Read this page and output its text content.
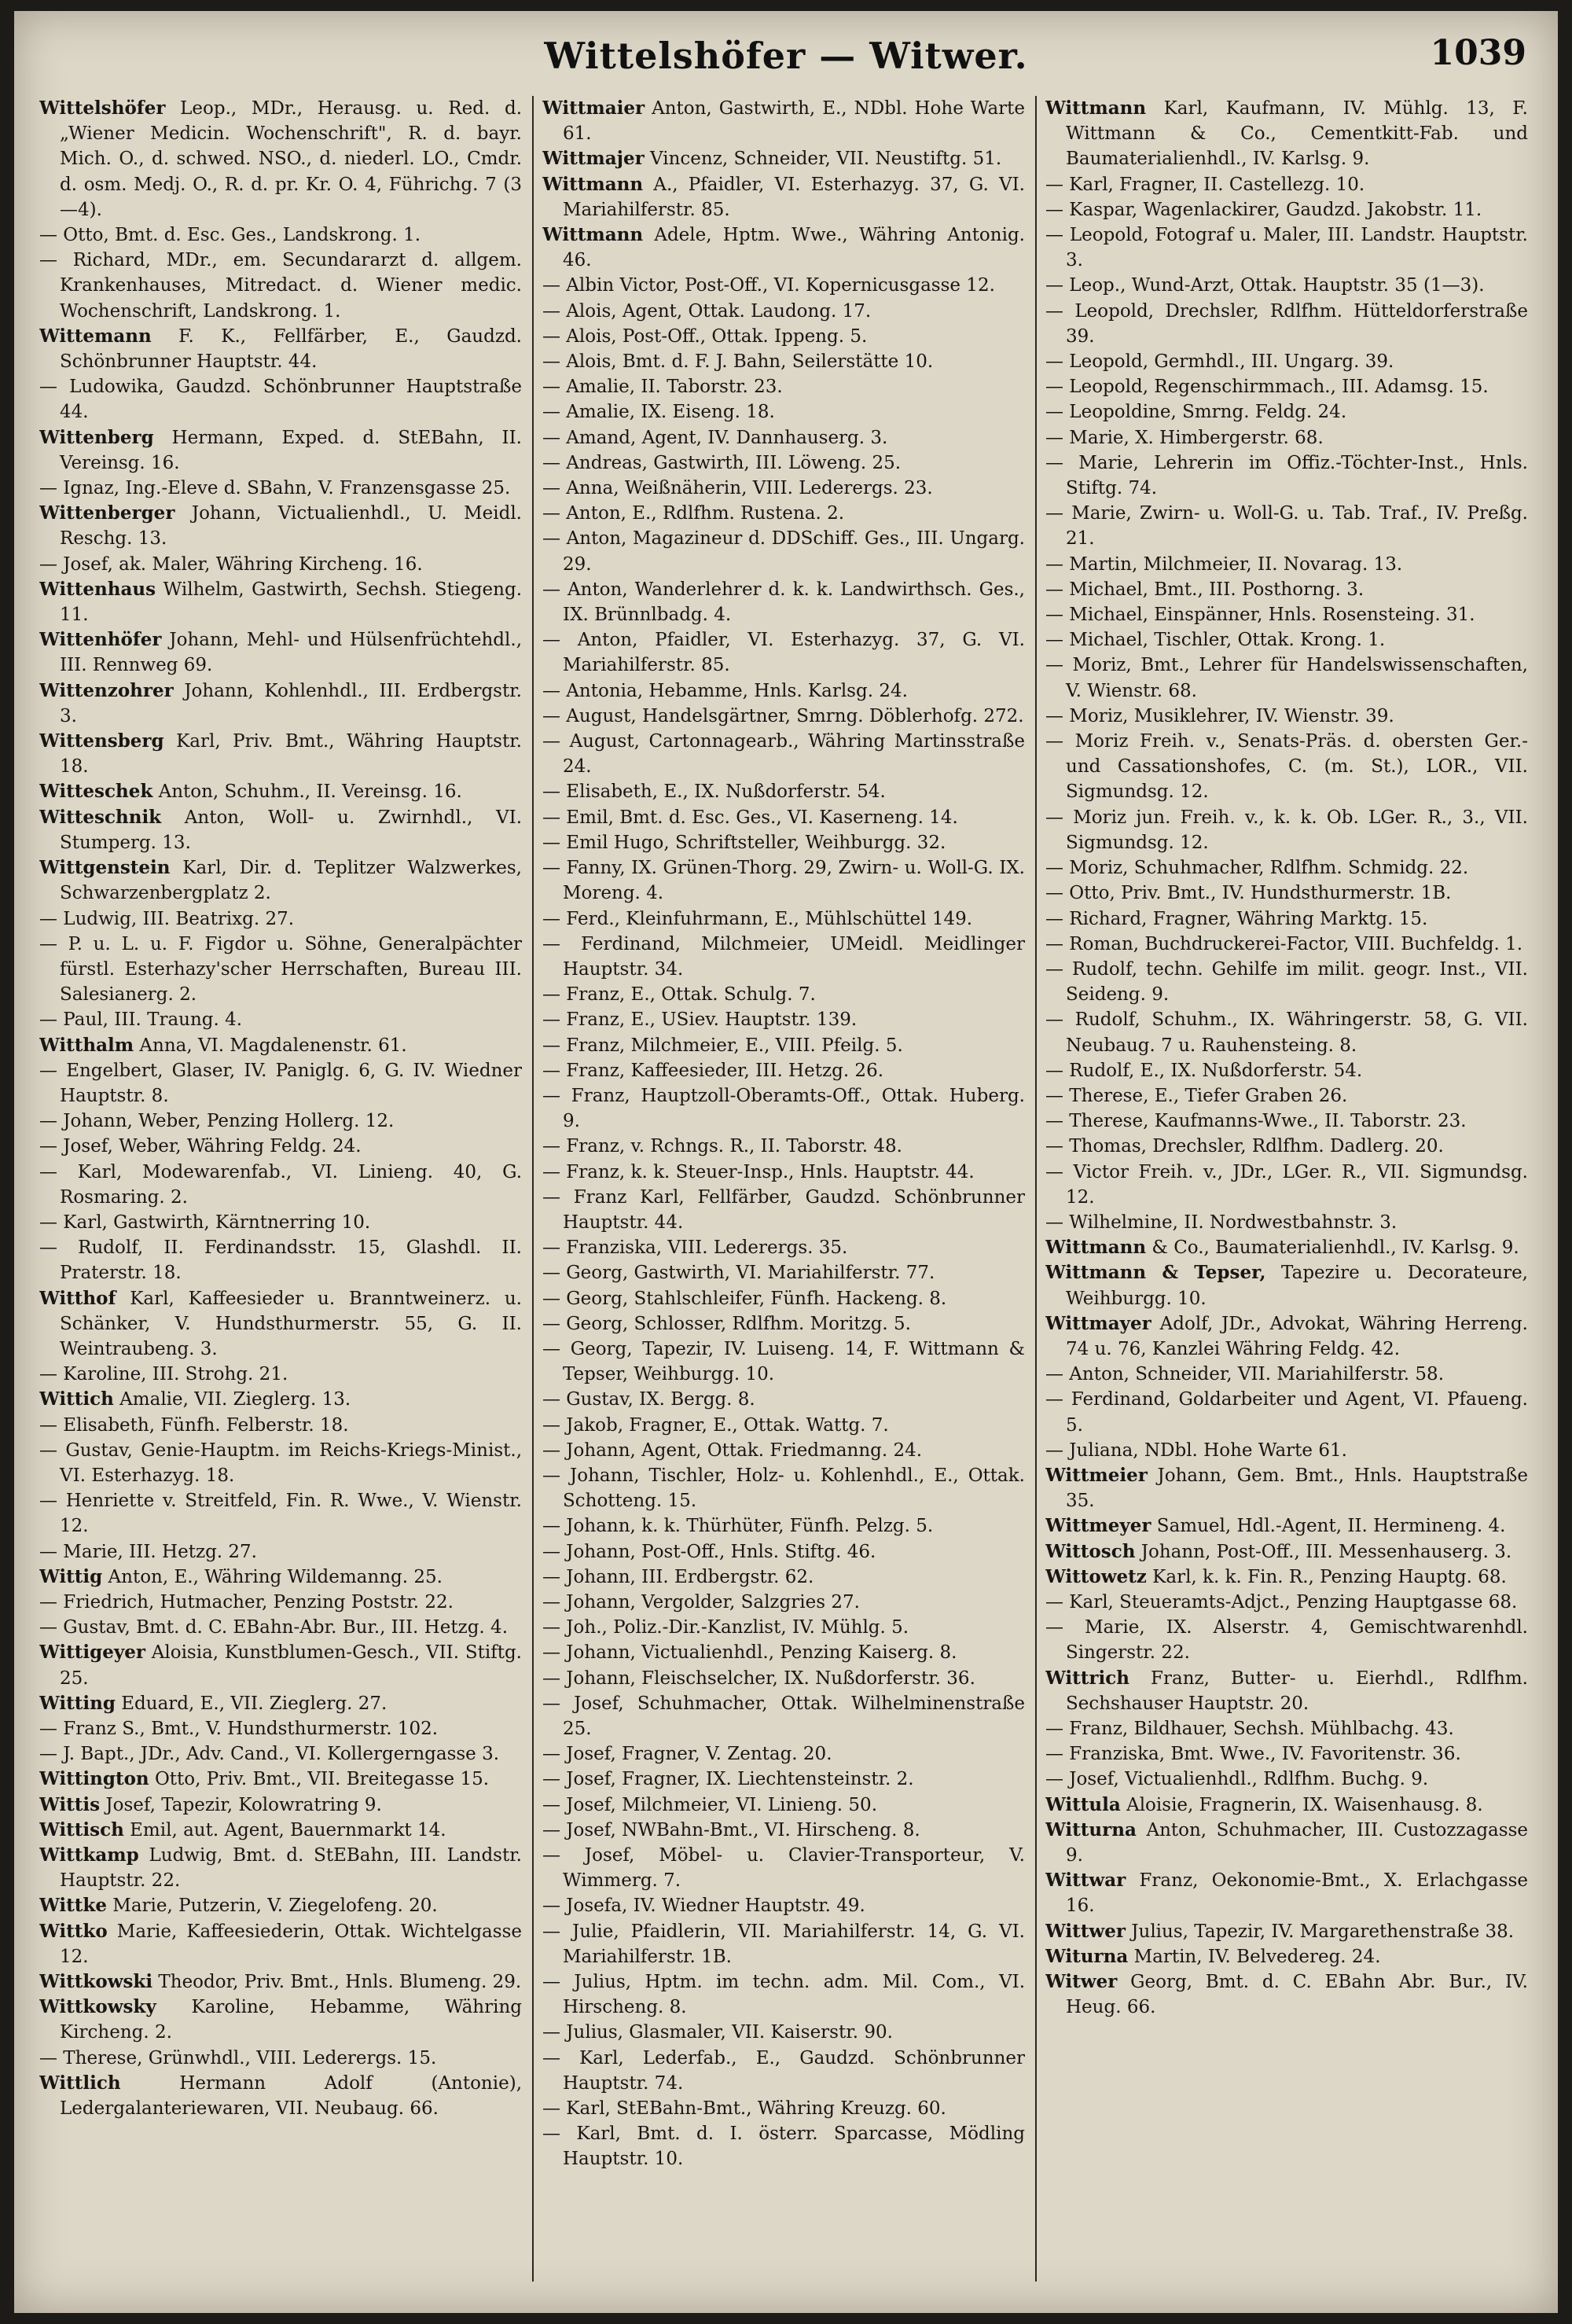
Wittelshöfer — Witwer.	1039

Wittelshöfer Leop., MDr., Herausg. u. Red. d. „Wiener Medicin. Wochenschrift", R. d. bayr. Mich. O., d. schwed. NSO., d. niederl. LO., Cmdr. d. osm. Medj. O., R. d. pr. Kr. O. 4, Führichg. 7 (3—4).

— Otto, Bmt. d. Esc. Ges., Landskrong. 1.

— Richard, MDr., em. Secundararzt d. allgem. Krankenhauses, Mitredact. d. Wiener medic. Wochenschrift, Landskrong. 1.

Wittemann F. K., Fellfärber, E., Gaudzd. Schönbrunner Hauptstr. 44.

— Ludowika, Gaudzd. Schönbrunner Hauptstraße 44.

Wittenberg Hermann, Exped. d. StEBahn, II. Vereinsg. 16.

— Ignaz, Ing.-Eleve d. SBahn, V. Franzensgasse 25.

Wittenberger Johann, Victualienhdl., U. Meidl. Reschg. 13.

— Josef, ak. Maler, Währing Kircheng. 16.

Wittenhaus Wilhelm, Gastwirth, Sechsh. Stiegeng. 11.

Wittenhöfer Johann, Mehl- und Hülsenfrüchtehdl., III. Rennweg 69.

Wittenzohrer Johann, Kohlenhdl., III. Erdbergstr. 3.

Wittensberg Karl, Priv. Bmt., Währing Hauptstr. 18.

Witteschek Anton, Schuhm., II. Vereinsg. 16.

Witteschnik Anton, Woll- u. Zwirnhdl., VI. Stumperg. 13.

Wittgenstein Karl, Dir. d. Teplitzer Walzwerkes, Schwarzenbergplatz 2.

— Ludwig, III. Beatrixg. 27.

— P. u. L. u. F. Figdor u. Söhne, Generalpächter fürstl. Esterhazy'scher Herrschaften, Bureau III. Salesianerg. 2.

— Paul, III. Traung. 4.

Witthalm Anna, VI. Magdalenenstr. 61.

— Engelbert, Glaser, IV. Paniglg. 6, G. IV. Wiedner Hauptstr. 8.

— Johann, Weber, Penzing Hollerg. 12.

— Josef, Weber, Währing Feldg. 24.

— Karl, Modewarenfab., VI. Linieng. 40, G. Rosmaring. 2.

— Karl, Gastwirth, Kärntnerring 10.

— Rudolf, II. Ferdinandsstr. 15, Glashdl. II. Praterstr. 18.

Witthof Karl, Kaffeesieder u. Branntweinerz. u. Schänker, V. Hundsthurmerstr. 55, G. II. Weintraubeng. 3.

— Karoline, III. Strohg. 21.

Wittich Amalie, VII. Zieglerg. 13.

— Elisabeth, Fünfh. Felberstr. 18.

— Gustav, Genie-Hauptm. im Reichs-Kriegs-Minist., VI. Esterhazyg. 18.

— Henriette v. Streitfeld, Fin. R. Wwe., V. Wienstr. 12.

— Marie, III. Hetzg. 27.

Wittig Anton, E., Währing Wildemanng. 25.

— Friedrich, Hutmacher, Penzing Poststr. 22.

— Gustav, Bmt. d. C. EBahn-Abr. Bur., III. Hetzg. 4.

Wittigeyer Aloisia, Kunstblumen-Gesch., VII. Stiftg. 25.

Witting Eduard, E., VII. Zieglerg. 27.

— Franz S., Bmt., V. Hundsthurmerstr. 102.

— J. Bapt., JDr., Adv. Cand., VI. Kollergerngasse 3.

Wittington Otto, Priv. Bmt., VII. Breitegasse 15.

Wittis Josef, Tapezir, Kolowratring 9.

Wittisch Emil, aut. Agent, Bauernmarkt 14.

Wittkamp Ludwig, Bmt. d. StEBahn, III. Landstr. Hauptstr. 22.

Wittke Marie, Putzerin, V. Ziegelofeng. 20.

Wittko Marie, Kaffeesiederin, Ottak. Wichtelgasse 12.

Wittkowski Theodor, Priv. Bmt., Hnls. Blumeng. 29.

Wittkowsky Karoline, Hebamme, Währing Kircheng. 2.

— Therese, Grünwhdl., VIII. Lederergs. 15.

Wittlich Hermann Adolf (Antonie), Ledergalanteriewaren, VII. Neubaug. 66.

Wittmaier Anton, Gastwirth, E., NDbl. Hohe Warte 61.

Wittmajer Vincenz, Schneider, VII. Neustiftg. 51.

Wittmann A., Pfaidler, VI. Esterhazyg. 37, G. VI. Mariahilferstr. 85.

Wittmann Adele, Hptm. Wwe., Währing Antonig. 46.

— Albin Victor, Post-Off., VI. Kopernicusgasse 12.

— Alois, Agent, Ottak. Laudong. 17.

— Alois, Post-Off., Ottak. Ippeng. 5.

— Alois, Bmt. d. F. J. Bahn, Seilerstätte 10.

— Amalie, II. Taborstr. 23.

— Amalie, IX. Eiseng. 18.

— Amand, Agent, IV. Dannhauserg. 3.

— Andreas, Gastwirth, III. Löweng. 25.

— Anna, Weißnäherin, VIII. Lederergs. 23.

— Anton, E., Rdlfhm. Rustena. 2.

— Anton, Magazineur d. DDSchiff. Ges., III. Ungarg. 29.

— Anton, Wanderlehrer d. k. k. Landwirthsch. Ges., IX. Brünnlbadg. 4.

— Anton, Pfaidler, VI. Esterhazyg. 37, G. VI. Mariahilferstr. 85.

— Antonia, Hebamme, Hnls. Karlsg. 24.

— August, Handelsgärtner, Smrng. Döblerhofg. 272.

— August, Cartonnagearb., Währing Martinsstraße 24.

— Elisabeth, E., IX. Nußdorferstr. 54.

— Emil, Bmt. d. Esc. Ges., VI. Kaserneng. 14.

— Emil Hugo, Schriftsteller, Weihburgg. 32.

— Fanny, IX. Grünen-Thorg. 29, Zwirn- u. Woll-G. IX. Moreng. 4.

— Ferd., Kleinfuhrmann, E., Mühlschüttel 149.

— Ferdinand, Milchmeier, UMeidl. Meidlinger Hauptstr. 34.

— Franz, E., Ottak. Schulg. 7.

— Franz, E., USiev. Hauptstr. 139.

— Franz, Milchmeier, E., VIII. Pfeilg. 5.

— Franz, Kaffeesieder, III. Hetzg. 26.

— Franz, Hauptzoll-Oberamts-Off., Ottak. Huberg. 9.

— Franz, v. Rchngs. R., II. Taborstr. 48.

— Franz, k. k. Steuer-Insp., Hnls. Hauptstr. 44.

— Franz Karl, Fellfärber, Gaudzd. Schönbrunner Hauptstr. 44.

— Franziska, VIII. Lederergs. 35.

— Georg, Gastwirth, VI. Mariahilferstr. 77.

— Georg, Stahlschleifer, Fünfh. Hackeng. 8.

— Georg, Schlosser, Rdlfhm. Moritzg. 5.

— Georg, Tapezir, IV. Luiseng. 14, F. Wittmann & Tepser, Weihburgg. 10.

— Gustav, IX. Bergg. 8.

— Jakob, Fragner, E., Ottak. Wattg. 7.

— Johann, Agent, Ottak. Friedmanng. 24.

— Johann, Tischler, Holz- u. Kohlenhdl., E., Ottak. Schotteng. 15.

— Johann, k. k. Thürhüter, Fünfh. Pelzg. 5.

— Johann, Post-Off., Hnls. Stiftg. 46.

— Johann, III. Erdbergstr. 62.

— Johann, Vergolder, Salzgries 27.

— Joh., Poliz.-Dir.-Kanzlist, IV. Mühlg. 5.

— Johann, Victualienhdl., Penzing Kaiserg. 8.

— Johann, Fleischselcher, IX. Nußdorferstr. 36.

— Josef, Schuhmacher, Ottak. Wilhelminenstraße 25.

— Josef, Fragner, V. Zentag. 20.

— Josef, Fragner, IX. Liechtensteinstr. 2.

— Josef, Milchmeier, VI. Linieng. 50.

— Josef, NWBahn-Bmt., VI. Hirscheng. 8.

— Josef, Möbel- u. Clavier-Transporteur, V. Wimmerg. 7.

— Josefa, IV. Wiedner Hauptstr. 49.

— Julie, Pfaidlerin, VII. Mariahilferstr. 14, G. VI. Mariahilferstr. 1B.

— Julius, Hptm. im techn. adm. Mil. Com., VI. Hirscheng. 8.

— Julius, Glasmaler, VII. Kaiserstr. 90.

— Karl, Lederfab., E., Gaudzd. Schönbrunner Hauptstr. 74.

— Karl, StEBahn-Bmt., Währing Kreuzg. 60.

— Karl, Bmt. d. I. österr. Sparcasse, Mödling Hauptstr. 10.

Wittmann Karl, Kaufmann, IV. Mühlg. 13, F. Wittmann & Co., Cementkitt-Fab. und Baumaterialienhdl., IV. Karlsg. 9.

— Karl, Fragner, II. Castellezg. 10.

— Kaspar, Wagenlackirer, Gaudzd. Jakobstr. 11.

— Leopold, Fotograf u. Maler, III. Landstr. Hauptstr. 3.

— Leop., Wund-Arzt, Ottak. Hauptstr. 35 (1—3).

— Leopold, Drechsler, Rdlfhm. Hütteldorferstraße 39.

— Leopold, Germhdl., III. Ungarg. 39.

— Leopold, Regenschirmmach., III. Adamsg. 15.

— Leopoldine, Smrng. Feldg. 24.

— Marie, X. Himbergerstr. 68.

— Marie, Lehrerin im Offiz.-Töchter-Inst., Hnls. Stiftg. 74.

— Marie, Zwirn- u. Woll-G. u. Tab. Traf., IV. Preßg. 21.

— Martin, Milchmeier, II. Novarag. 13.

— Michael, Bmt., III. Posthorng. 3.

— Michael, Einspänner, Hnls. Rosensteing. 31.

— Michael, Tischler, Ottak. Krong. 1.

— Moriz, Bmt., Lehrer für Handelswissenschaften, V. Wienstr. 68.

— Moriz, Musiklehrer, IV. Wienstr. 39.

— Moriz Freih. v., Senats-Präs. d. obersten Ger.- und Cassationshofes, C. (m. St.), LOR., VII. Sigmundsg. 12.

— Moriz jun. Freih. v., k. k. Ob. LGer. R., 3., VII. Sigmundsg. 12.

— Moriz, Schuhmacher, Rdlfhm. Schmidg. 22.

— Otto, Priv. Bmt., IV. Hundsthurmerstr. 1B.

— Richard, Fragner, Währing Marktg. 15.

— Roman, Buchdruckerei-Factor, VIII. Buchfeldg. 1.

— Rudolf, techn. Gehilfe im milit. geogr. Inst., VII. Seideng. 9.

— Rudolf, Schuhm., IX. Währingerstr. 58, G. VII. Neubaug. 7 u. Rauhensteing. 8.

— Rudolf, E., IX. Nußdorferstr. 54.

— Therese, E., Tiefer Graben 26.

— Therese, Kaufmanns-Wwe., II. Taborstr. 23.

— Thomas, Drechsler, Rdlfhm. Dadlerg. 20.

— Victor Freih. v., JDr., LGer. R., VII. Sigmundsg. 12.

— Wilhelmine, II. Nordwestbahnstr. 3.

Wittmann & Co., Baumaterialienhdl., IV. Karlsg. 9.

Wittmann & Tepser, Tapezire u. Decorateure, Weihburgg. 10.

Wittmayer Adolf, JDr., Advokat, Währing Herreng. 74 u. 76, Kanzlei Währing Feldg. 42.

— Anton, Schneider, VII. Mariahilferstr. 58.

— Ferdinand, Goldarbeiter und Agent, VI. Pfaueng. 5.

— Juliana, NDbl. Hohe Warte 61.

Wittmeier Johann, Gem. Bmt., Hnls. Hauptstraße 35.

Wittmeyer Samuel, Hdl.-Agent, II. Hermineng. 4.

Wittosch Johann, Post-Off., III. Messenhauserg. 3.

Wittowetz Karl, k. k. Fin. R., Penzing Hauptg. 68.

— Karl, Steueramts-Adjct., Penzing Hauptgasse 68.

— Marie, IX. Alserstr. 4, Gemischtwarenhdl. Singerstr. 22.

Wittrich Franz, Butter- u. Eierhdl., Rdlfhm. Sechshauser Hauptstr. 20.

— Franz, Bildhauer, Sechsh. Mühlbachg. 43.

— Franziska, Bmt. Wwe., IV. Favoritenstr. 36.

— Josef, Victualienhdl., Rdlfhm. Buchg. 9.

Wittula Aloisie, Fragnerin, IX. Waisenhausg. 8.

Witturna Anton, Schuhmacher, III. Custozzagasse 9.

Wittwar Franz, Oekonomie-Bmt., X. Erlachgasse 16.

Wittwer Julius, Tapezir, IV. Margarethenstraße 38.

Witurna Martin, IV. Belvedereg. 24.

Witwer Georg, Bmt. d. C. EBahn Abr. Bur., IV. Heug. 66.
